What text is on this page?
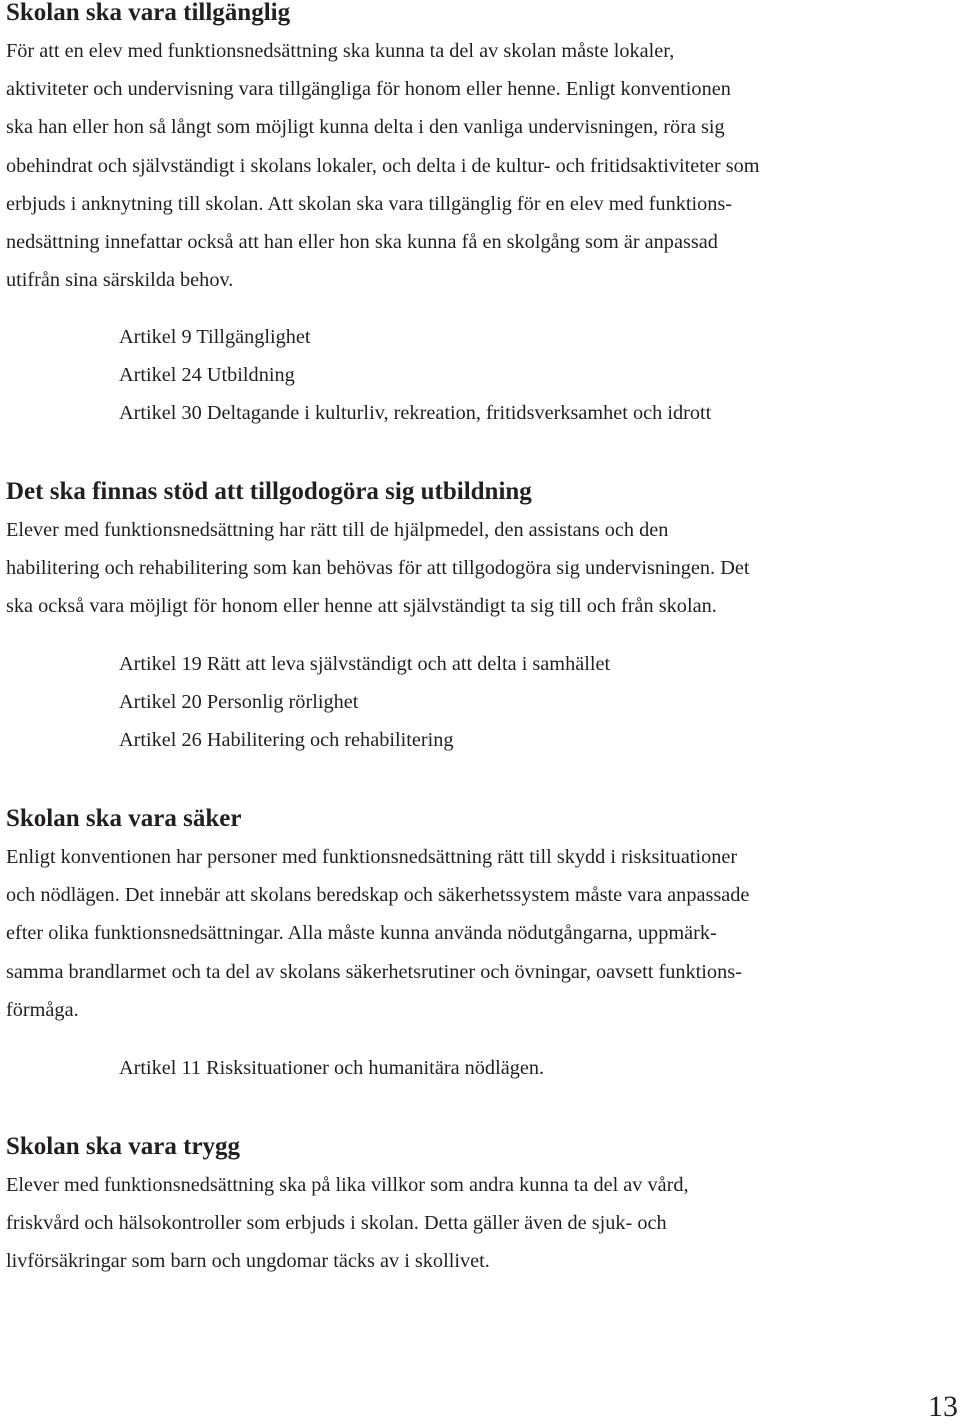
Skolan ska vara tillgänglig

För att en elev med funktionsnedsättning ska kunna ta del av skolan måste lokaler,
aktiviteter och undervisning vara tillgängliga för honom eller henne. Enligt konventionen
ska han eller hon så långt som möjligt kunna delta i den vanliga undervisningen, röra sig
obehindrat och självständigt i skolans lokaler, och delta i de kultur- och fritidsaktiviteter som
erbjuds i anknytning till skolan. Att skolan ska vara tillgänglig för en elev med funktions-
nedsättning innefattar också att han eller hon ska kunna få en skolgång som är anpassad
utifrån sina särskilda behov.

Artikel 9 Tillgänglighet
Artikel 24 Utbildning
Artikel 30 Deltagande i kulturliv, rekreation, fritidsverksamhet och idrott
Det ska finnas stöd att tillgodogöra sig utbildning

Elever med funktionsnedsättning har rätt till de hjälpmedel, den assistans och den
habilitering och rehabilitering som kan behövas för att tillgodogöra sig undervisningen. Det
ska också vara möjligt för honom eller henne att självständigt ta sig till och från skolan.

Artikel 19 Rätt att leva självständigt och att delta i samhället
Artikel 20 Personlig rörlighet
Artikel 26 Habilitering och rehabilitering
Skolan ska vara säker

Enligt konventionen har personer med funktionsnedsättning rätt till skydd i risksituationer
och nödlägen. Det innebär att skolans beredskap och säkerhetssystem måste vara anpassade
efter olika funktionsnedsättningar. Alla måste kunna använda nödutgångarna, uppmärk-
samma brandlarmet och ta del av skolans säkerhetsrutiner och övningar, oavsett funktions-
förmåga.

Artikel 11 Risksituationer och humanitära nödlägen.
Skolan ska vara trygg

Elever med funktionsnedsättning ska på lika villkor som andra kunna ta del av vård,
friskvård och hälsokontroller som erbjuds i skolan. Detta gäller även de sjuk- och
livförsäkringar som barn och ungdomar täcks av i skollivet.

13
